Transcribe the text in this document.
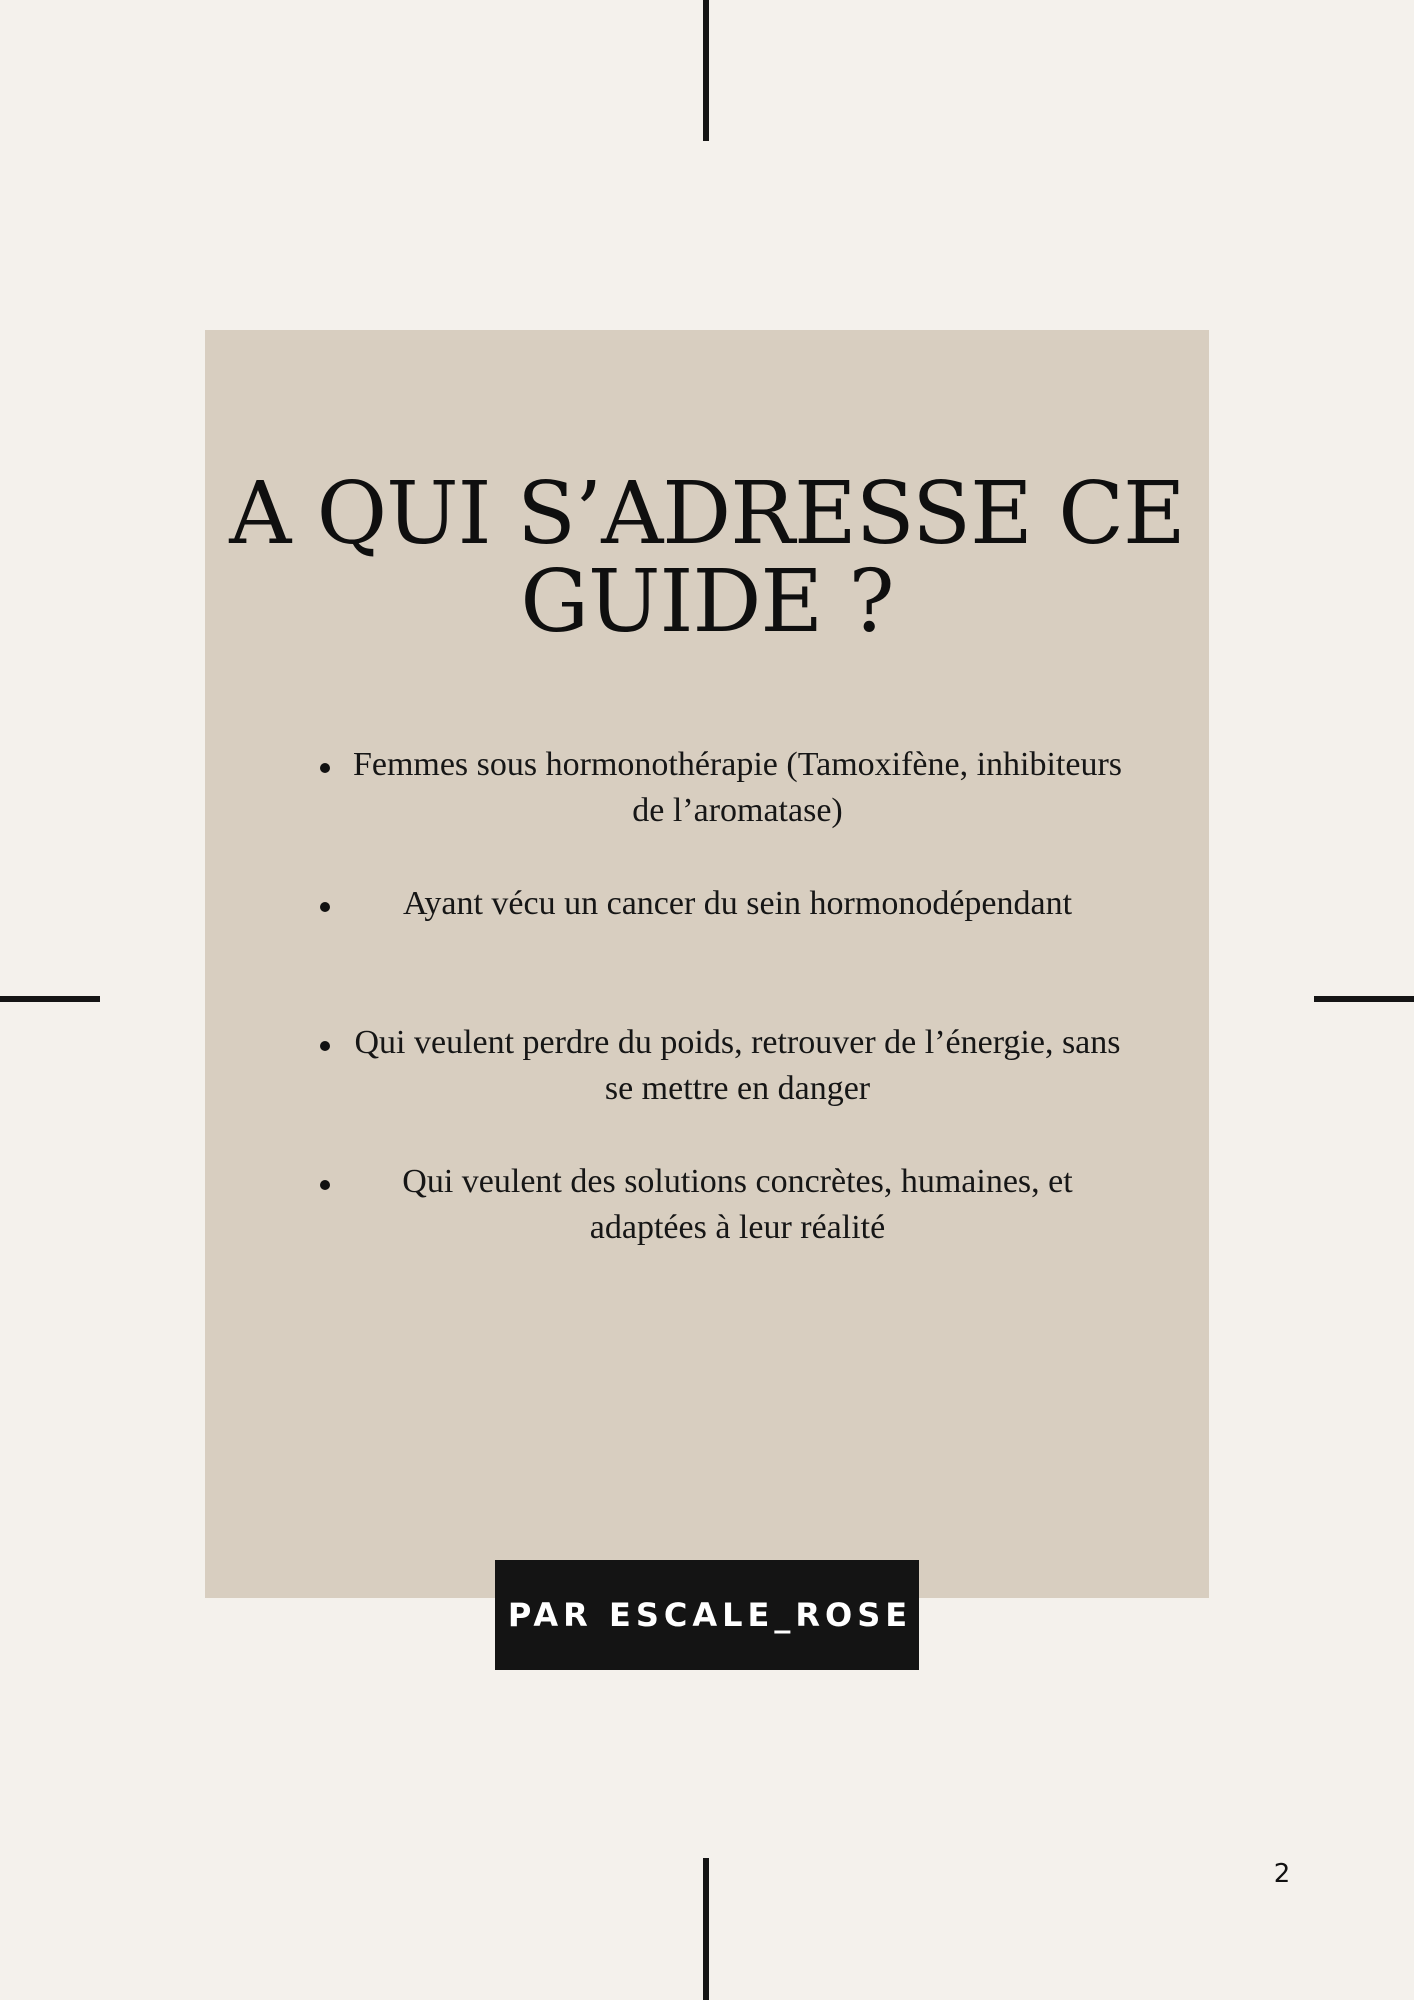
A QUI S’ADRESSE CE GUIDE ?
Femmes sous hormonothérapie (Tamoxifène, inhibiteurs de l’aromatase)
Ayant vécu un cancer du sein hormonodépendant
Qui veulent perdre du poids, retrouver de l’énergie, sans se mettre en danger
Qui veulent des solutions concrètes, humaines, et adaptées à leur réalité
PAR ESCALE_ROSE
2
